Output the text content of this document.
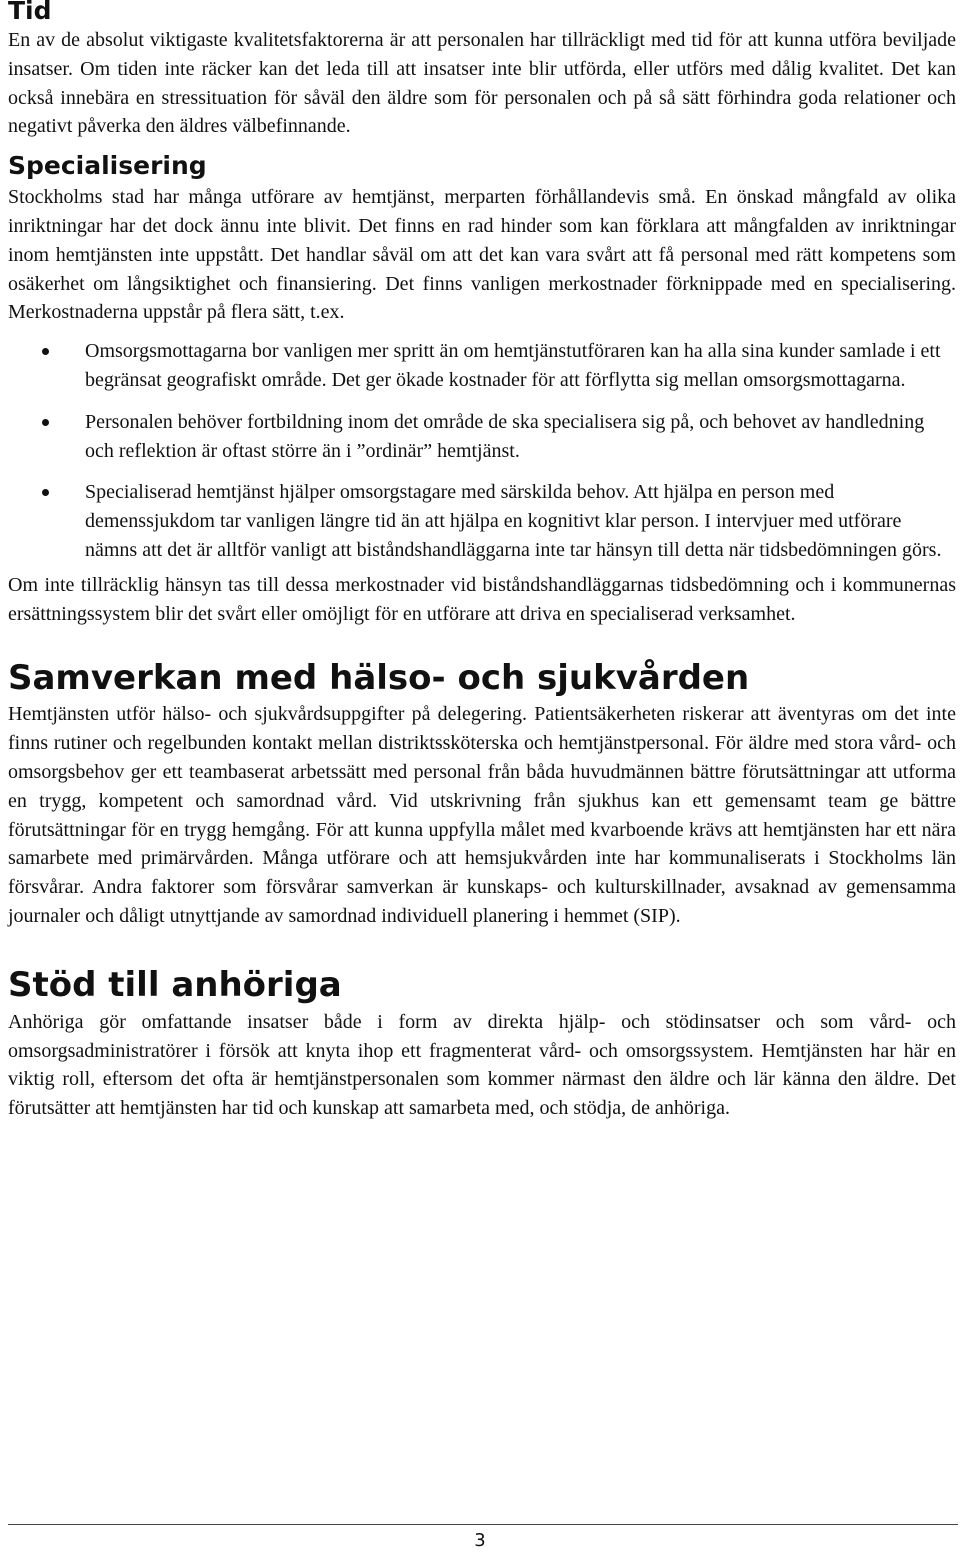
Tid

En av de absolut viktigaste kvalitetsfaktorerna är att personalen har tillräckligt med tid för att kunna utföra beviljade insatser. Om tiden inte räcker kan det leda till att insatser inte blir utförda, eller utförs med dålig kvalitet. Det kan också innebära en stressituation för såväl den äldre som för personalen och på så sätt förhindra goda relationer och negativt påverka den äldres välbefinnande.

Specialisering

Stockholms stad har många utförare av hemtjänst, merparten förhållandevis små. En önskad mångfald av olika inriktningar har det dock ännu inte blivit. Det finns en rad hinder som kan förklara att mångfalden av inriktningar inom hemtjänsten inte uppstått. Det handlar såväl om att det kan vara svårt att få personal med rätt kompetens som osäkerhet om långsiktighet och finansiering. Det finns vanligen merkostnader förknippade med en specialisering. Merkostnaderna uppstår på flera sätt, t.ex.

Omsorgsmottagarna bor vanligen mer spritt än om hemtjänstutföraren kan ha alla sina kunder samlade i ett begränsat geografiskt område. Det ger ökade kostnader för att förflytta sig mellan omsorgsmottagarna.
Personalen behöver fortbildning inom det område de ska specialisera sig på, och behovet av handledning och reflektion är oftast större än i ”ordinär” hemtjänst.
Specialiserad hemtjänst hjälper omsorgstagare med särskilda behov. Att hjälpa en person med demenssjukdom tar vanligen längre tid än att hjälpa en kognitivt klar person. I intervjuer med utförare nämns att det är alltför vanligt att biståndshandläggarna inte tar hänsyn till detta när tidsbedömningen görs.

Om inte tillräcklig hänsyn tas till dessa merkostnader vid biståndshandläggarnas tidsbedömning och i kommunernas ersättningssystem blir det svårt eller omöjligt för en utförare att driva en specialiserad verksamhet.

Samverkan med hälso- och sjukvården

Hemtjänsten utför hälso- och sjukvårdsuppgifter på delegering. Patientsäkerheten riskerar att äventyras om det inte finns rutiner och regelbunden kontakt mellan distriktssköterska och hemtjänstpersonal. För äldre med stora vård- och omsorgsbehov ger ett teambaserat arbetssätt med personal från båda huvudmännen bättre förutsättningar att utforma en trygg, kompetent och samordnad vård. Vid utskrivning från sjukhus kan ett gemensamt team ge bättre förutsättningar för en trygg hemgång. För att kunna uppfylla målet med kvarboende krävs att hemtjänsten har ett nära samarbete med primärvården. Många utförare och att hemsjukvården inte har kommunaliserats i Stockholms län försvårar. Andra faktorer som försvårar samverkan är kunskaps- och kulturskillnader, avsaknad av gemensamma journaler och dåligt utnyttjande av samordnad individuell planering i hemmet (SIP).

Stöd till anhöriga

Anhöriga gör omfattande insatser både i form av direkta hjälp- och stödinsatser och som vård- och omsorgsadministratörer i försök att knyta ihop ett fragmenterat vård- och omsorgssystem. Hemtjänsten har här en viktig roll, eftersom det ofta är hemtjänstpersonalen som kommer närmast den äldre och lär känna den äldre. Det förutsätter att hemtjänsten har tid och kunskap att samarbeta med, och stödja, de anhöriga.

3
